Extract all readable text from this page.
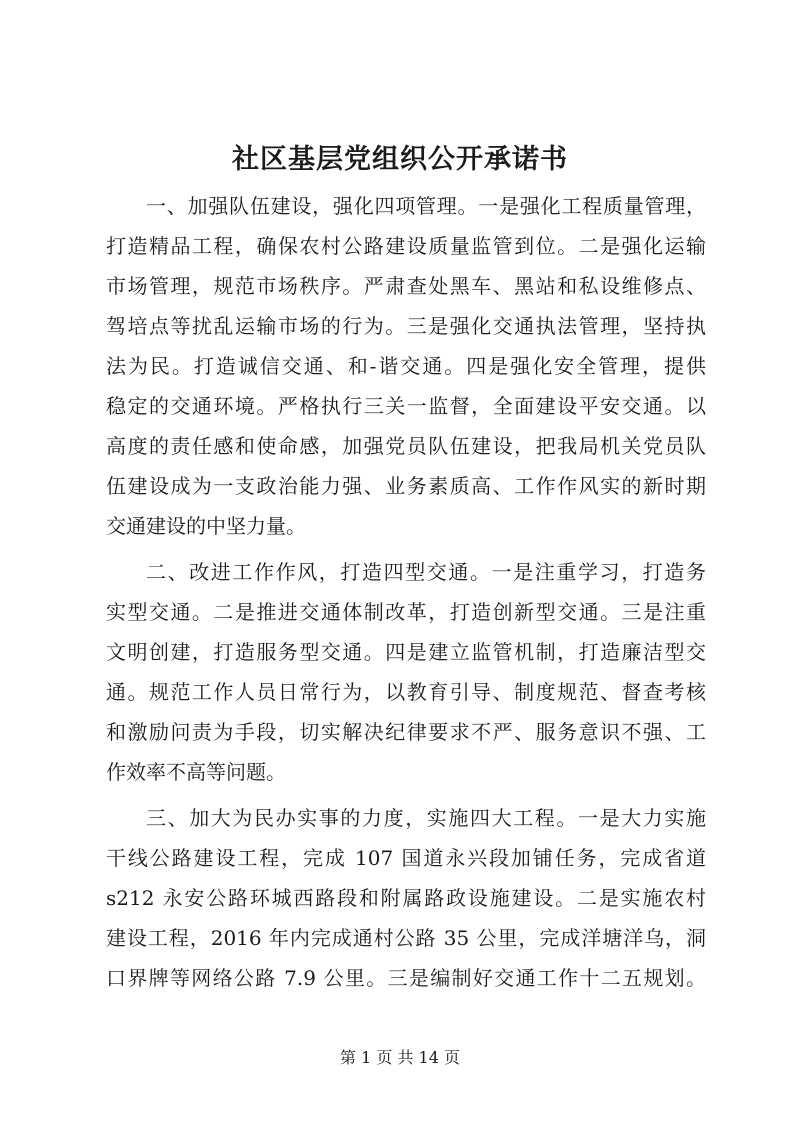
社区基层党组织公开承诺书
一、加强队伍建设，强化四项管理。一是强化工程质量管理，
打造精品工程，确保农村公路建设质量监管到位。二是强化运输
市场管理，规范市场秩序。严肃查处黑车、黑站和私设维修点、
驾培点等扰乱运输市场的行为。三是强化交通执法管理，坚持执
法为民。打造诚信交通、和-谐交通。四是强化安全管理，提供
稳定的交通环境。严格执行三关一监督，全面建设平安交通。以
高度的责任感和使命感，加强党员队伍建设，把我局机关党员队
伍建设成为一支政治能力强、业务素质高、工作作风实的新时期
交通建设的中坚力量。
二、改进工作作风，打造四型交通。一是注重学习，打造务
实型交通。二是推进交通体制改革，打造创新型交通。三是注重
文明创建，打造服务型交通。四是建立监管机制，打造廉洁型交
通。规范工作人员日常行为，以教育引导、制度规范、督查考核
和激励问责为手段，切实解决纪律要求不严、服务意识不强、工
作效率不高等问题。
三、加大为民办实事的力度，实施四大工程。一是大力实施
干线公路建设工程，完成 107 国道永兴段加铺任务，完成省道
s212 永安公路环城西路段和附属路政设施建设。二是实施农村
建设工程，2016 年内完成通村公路 35 公里，完成洋塘洋乌，洞
口界牌等网络公路 7.9 公里。三是编制好交通工作十二五规划。
第 1 页 共 14 页
